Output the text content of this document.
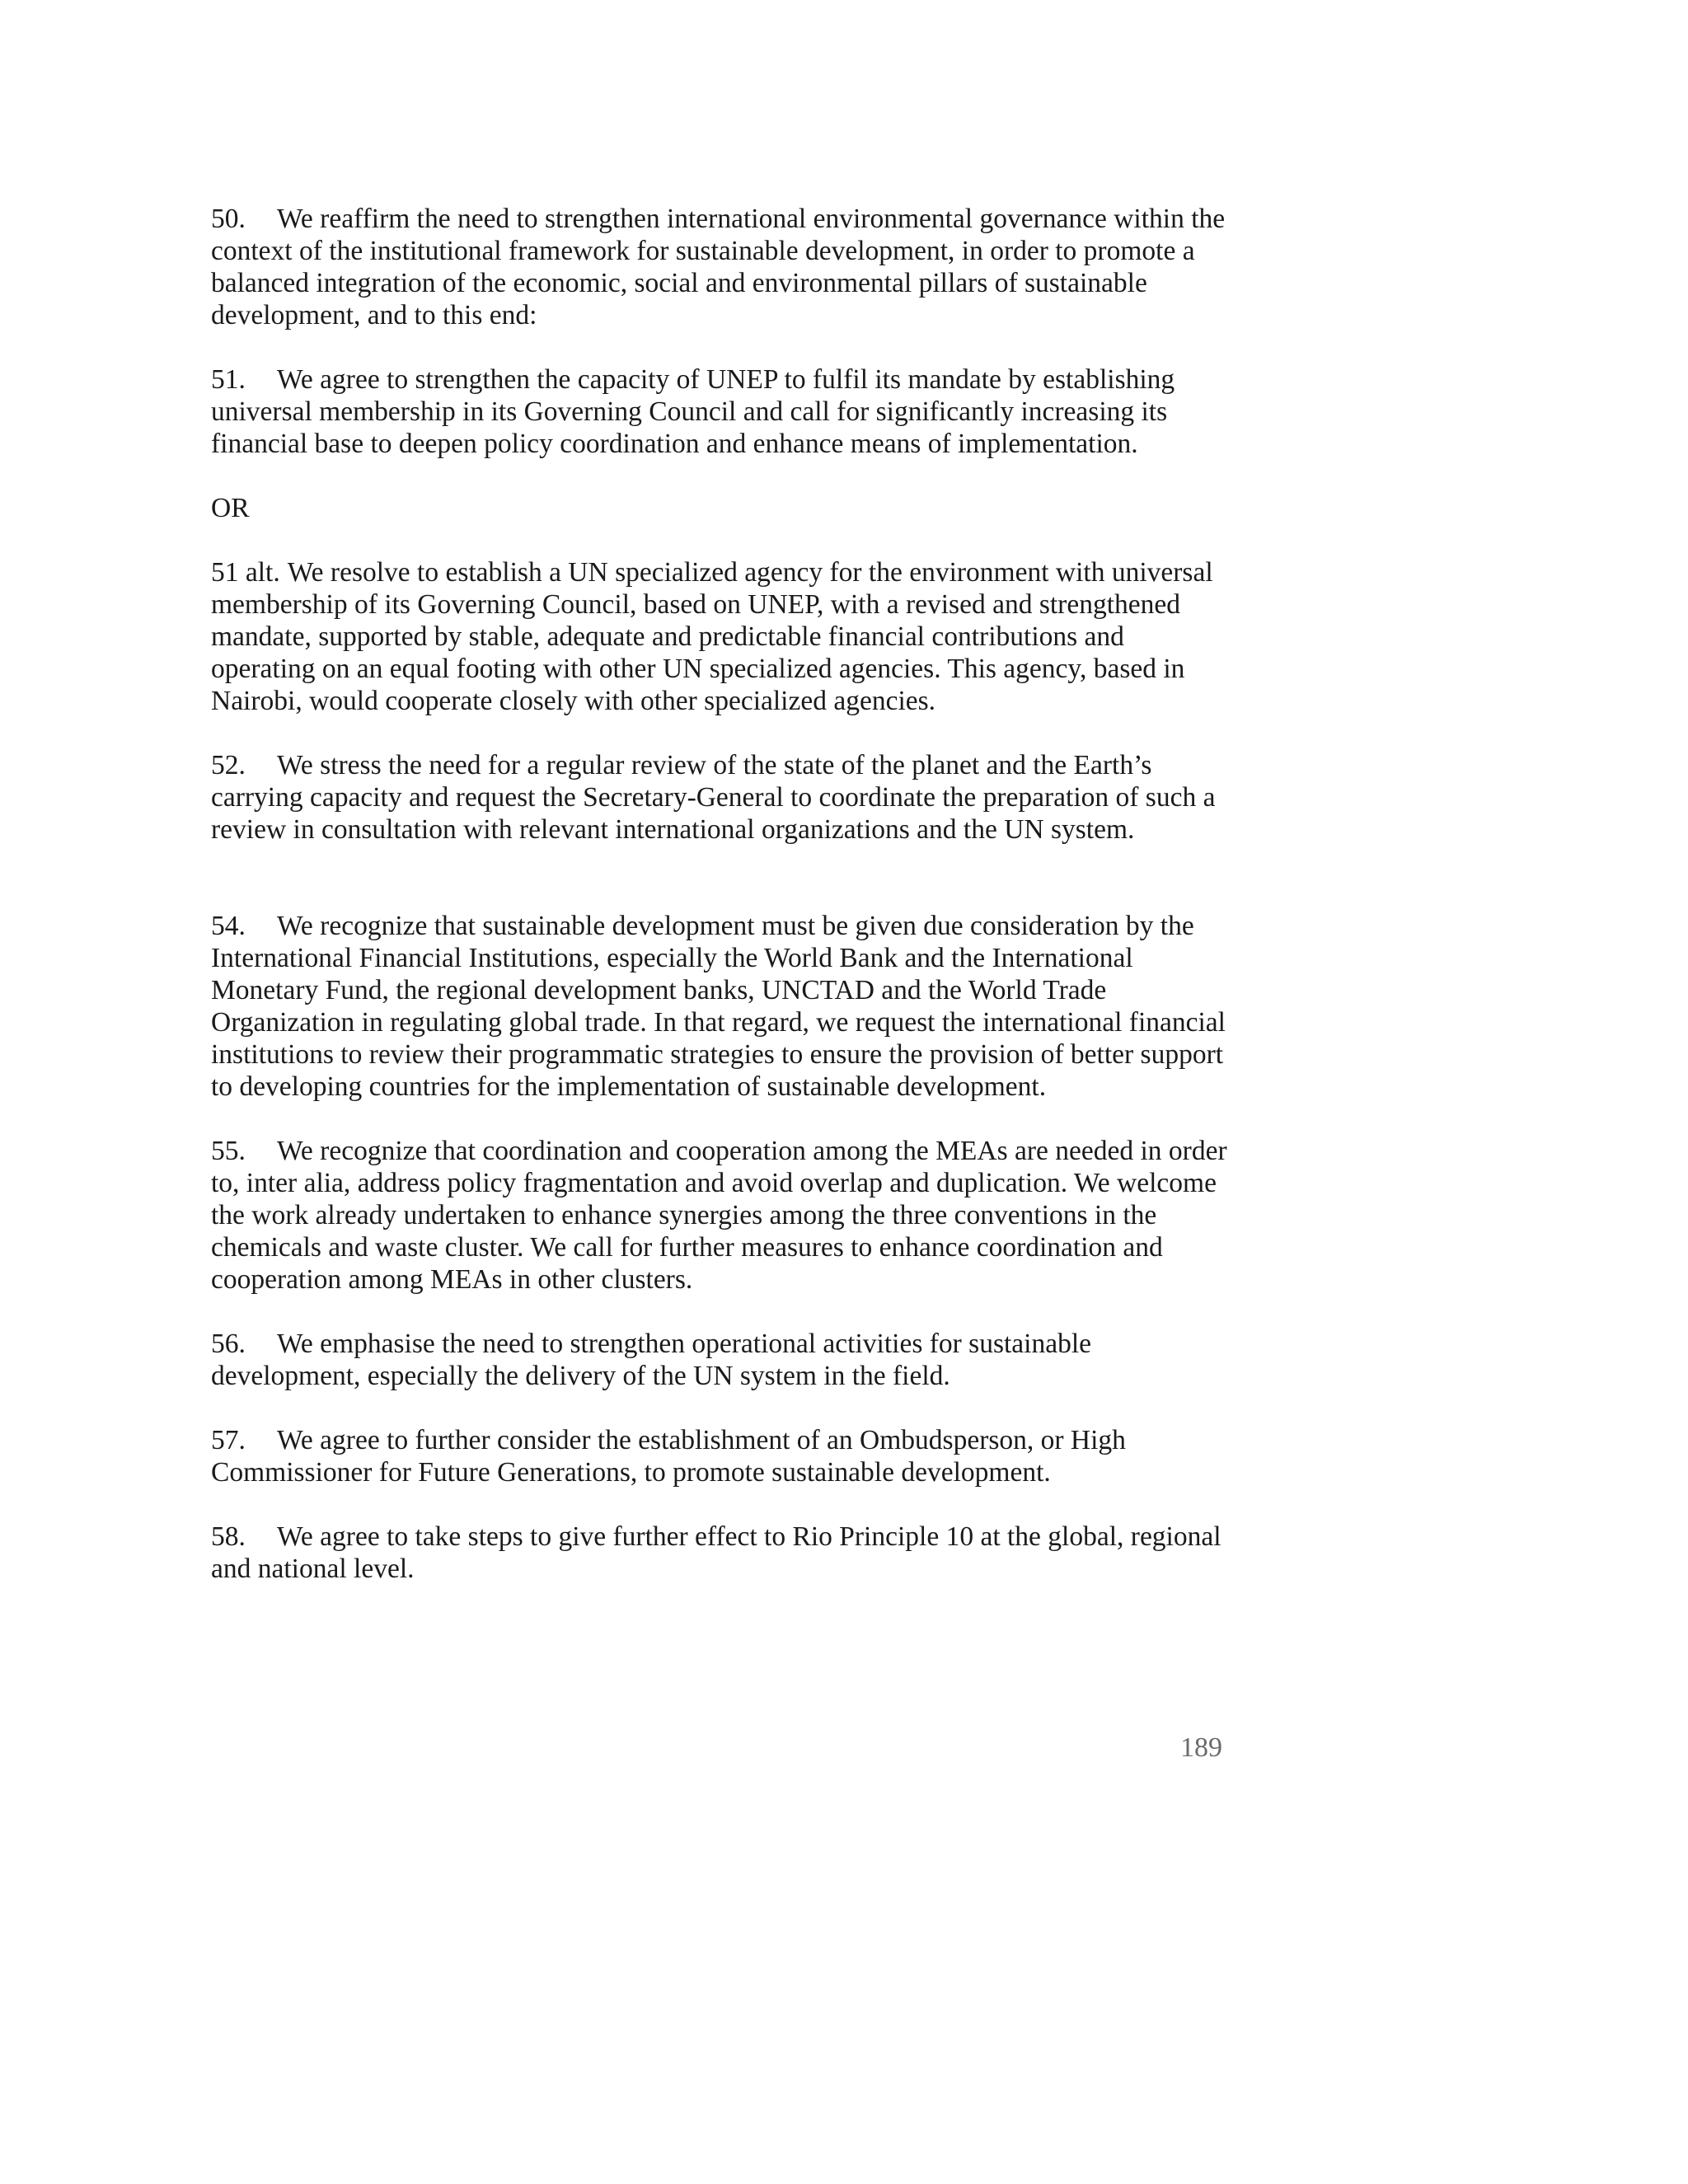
50. We reaffirm the need to strengthen international environmental governance within the context of the institutional framework for sustainable development, in order to promote a balanced integration of the economic, social and environmental pillars of sustainable development, and to this end:

51. We agree to strengthen the capacity of UNEP to fulfil its mandate by establishing universal membership in its Governing Council and call for significantly increasing its financial base to deepen policy coordination and enhance means of implementation.

OR

51 alt. We resolve to establish a UN specialized agency for the environment with universal membership of its Governing Council, based on UNEP, with a revised and strengthened mandate, supported by stable, adequate and predictable financial contributions and operating on an equal footing with other UN specialized agencies. This agency, based in Nairobi, would cooperate closely with other specialized agencies.

52. We stress the need for a regular review of the state of the planet and the Earth’s carrying capacity and request the Secretary-General to coordinate the preparation of such a review in consultation with relevant international organizations and the UN system.

54. We recognize that sustainable development must be given due consideration by the International Financial Institutions, especially the World Bank and the International Monetary Fund, the regional development banks, UNCTAD and the World Trade Organization in regulating global trade. In that regard, we request the international financial institutions to review their programmatic strategies to ensure the provision of better support to developing countries for the implementation of sustainable development.

55. We recognize that coordination and cooperation among the MEAs are needed in order to, inter alia, address policy fragmentation and avoid overlap and duplication. We welcome the work already undertaken to enhance synergies among the three conventions in the chemicals and waste cluster. We call for further measures to enhance coordination and cooperation among MEAs in other clusters.

56. We emphasise the need to strengthen operational activities for sustainable development, especially the delivery of the UN system in the field.

57. We agree to further consider the establishment of an Ombudsperson, or High Commissioner for Future Generations, to promote sustainable development.

58. We agree to take steps to give further effect to Rio Principle 10 at the global, regional and national level.

189
